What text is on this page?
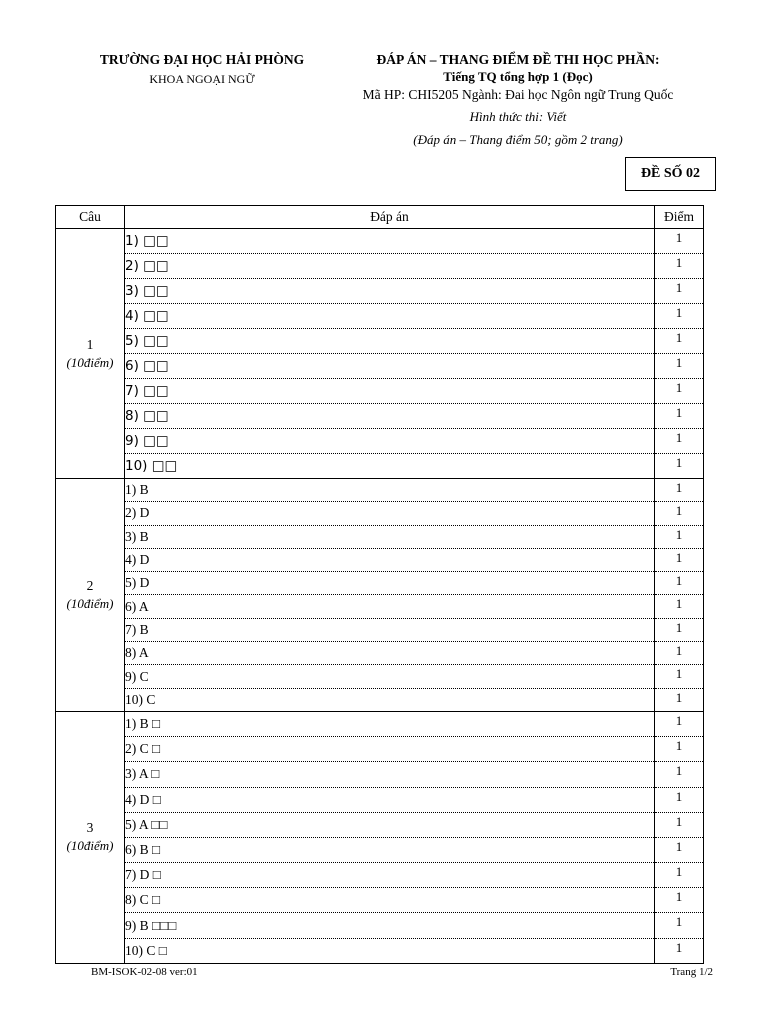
TRƯỜNG ĐẠI HỌC HẢI PHÒNG
KHOA NGOẠI NGỮ
ĐÁP ÁN – THANG ĐIỂM ĐỀ THI HỌC PHẦN:
Tiếng TQ tổng hợp 1 (Đọc)
Mã HP: CHI5205 Ngành: Đai học Ngôn ngữ Trung Quốc
Hình thức thi: Viết
(Đáp án – Thang điểm 50; gồm 2 trang)
ĐỀ SỐ 02
Câu	Đáp án	Điểm

1
(10điểm)	1) □□	1
	2) □□	1
	3) □□	1
	4) □□	1
	5) □□	1
	6) □□	1
	7) □□	1
	8) □□	1
	9) □□	1
	10) □□	1

2
(10điểm)	1) B	1
	2) D	1
	3) B	1
	4) D	1
	5) D	1
	6) A	1
	7) B	1
	8) A	1
	9) C	1
	10) C	1

3
(10điểm)	1) B □	1
	2) C □	1
	3) A □	1
	4) D □	1
	5) A □□	1
	6) B □	1
	7) D □	1
	8) C □	1
	9) B □□□	1
	10) C □	1
BM-ISOK-02-08 ver:01	Trang 1/2
